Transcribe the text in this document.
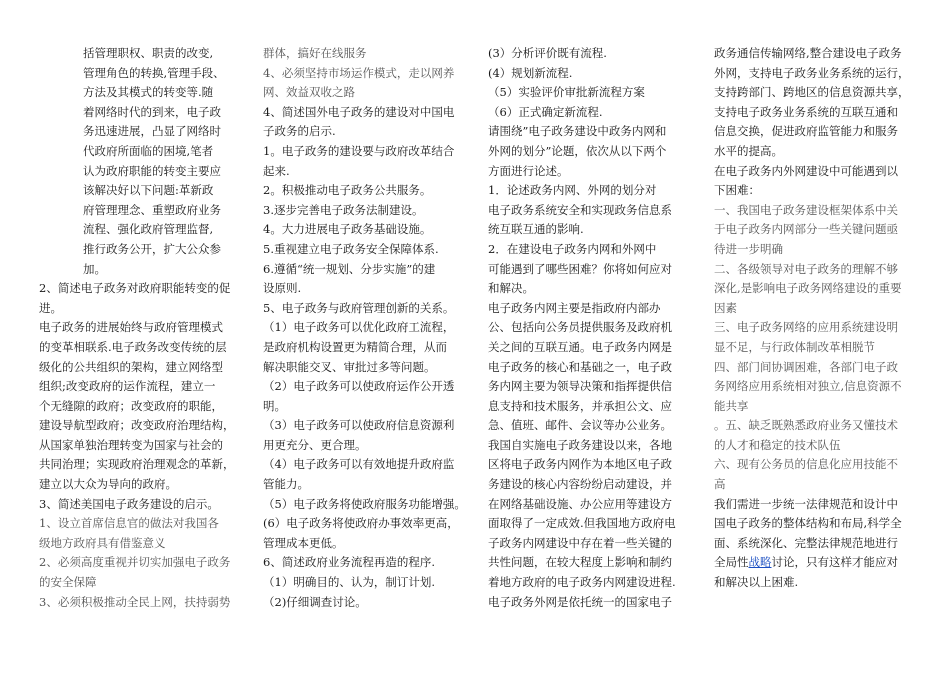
括管理职权、职责的改变,

管理角色的转换,管理手段、

方法及其模式的转变等.随

着网络时代的到来，电子政

务迅速进展，凸显了网络时

代政府所面临的困境,笔者

认为政府职能的转变主要应

该解决好以下问题:革新政

府管理理念、重塑政府业务

流程、强化政府管理监督,

推行政务公开，扩大公众参

加。

2、简述电子政务对政府职能转变的促

进。

电子政务的进展始终与政府管理模式

的变革相联系.电子政务改变传统的层

级化的公共组织的架构，建立网络型

组织;改变政府的运作流程，建立一

个无缝隙的政府；改变政府的职能，

建设导航型政府；改变政府治理结构，

从国家单独治理转变为国家与社会的

共同治理；实现政府治理观念的革新，

建立以大众为导向的政府。

3、简述美国电子政务建设的启示。

1、设立首席信息官的做法对我国各

级地方政府具有借鉴意义

2、必须高度重视并切实加强电子政务

的安全保障

3、必须积极推动全民上网，扶持弱势

群体，搞好在线服务

4、必须坚持市场运作模式，走以网养

网、效益双收之路

4、简述国外电子政务的建设对中国电

子政务的启示.

1。电子政务的建设要与政府改革结合

起来.

2。积极推动电子政务公共服务。

3.逐步完善电子政务法制建设。

4。大力进展电子政务基础设施。

5.重视建立电子政务安全保障体系.

6.遵循“统一规划、分步实施”的建

设原则.

5、电子政务与政府管理创新的关系。

（1）电子政务可以优化政府工流程，

是政府机构设置更为精简合理，从而

解决职能交叉、审批过多等问题。

（2）电子政务可以使政府运作公开透

明。

（3）电子政务可以使政府信息资源利

用更充分、更合理。

（4）电子政务可以有效地提升政府监

管能力。

（5）电子政务将使政府服务功能增强。

(6）电子政务将使政府办事效率更高，

管理成本更低。

6、简述政府业务流程再造的程序.

（1）明确目的、认为，制订计划.

（2)仔细调查讨论。

(3）分析评价既有流程.

(4）规划新流程.

（5）实验评价审批新流程方案

（6）正式确定新流程.

请围绕”电子政务建设中政务内网和

外网的划分”论题，依次从以下两个

方面进行论述。

1．论述政务内网、外网的划分对

电子政务系统安全和实现政务信息系

统互联互通的影响.

2．在建设电子政务内网和外网中

可能遇到了哪些困难？你将如何应对

和解决。

电子政务内网主要是指政府内部办

公、包括向公务员提供服务及政府机

关之间的互联互通。电子政务内网是

电子政务的核心和基础之一，电子政

务内网主要为领导决策和指挥提供信

息支持和技术服务，并承担公文、应

急、值班、邮件、会议等办公业务。

我国自实施电子政务建设以来，各地

区将电子政务内网作为本地区电子政

务建设的核心内容纷纷启动建设，并

在网络基础设施、办公应用等建设方

面取得了一定成效.但我国地方政府电

子政务内网建设中存在着一些关键的

共性问题，在较大程度上影响和制约

着地方政府的电子政务内网建设进程.

电子政务外网是依托统一的国家电子

政务通信传输网络,整合建设电子政务

外网，支持电子政务业务系统的运行，

支持跨部门、跨地区的信息资源共享，

支持电子政务业务系统的互联互通和

信息交换，促进政府监管能力和服务

水平的提高。

在电子政务内外网建设中可能遇到以

下困难：

一、我国电子政务建设框架体系中关

于电子政务内网部分一些关键问题亟

待进一步明确

二、各级领导对电子政务的理解不够

深化,是影响电子政务网络建设的重要

因素

三、电子政务网络的应用系统建设明

显不足，与行政体制改革相脱节

四、部门间协调困难，各部门电子政

务网络应用系统相对独立,信息资源不

能共享

。五、缺乏既熟悉政府业务又懂技术

的人才和稳定的技术队伍

六、现有公务员的信息化应用技能不

高

我们需进一步统一法律规范和设计中

国电子政务的整体结构和布局,科学全

面、系统深化、完整法律规范地进行

全局性战略讨论，只有这样才能应对

和解决以上困难.
